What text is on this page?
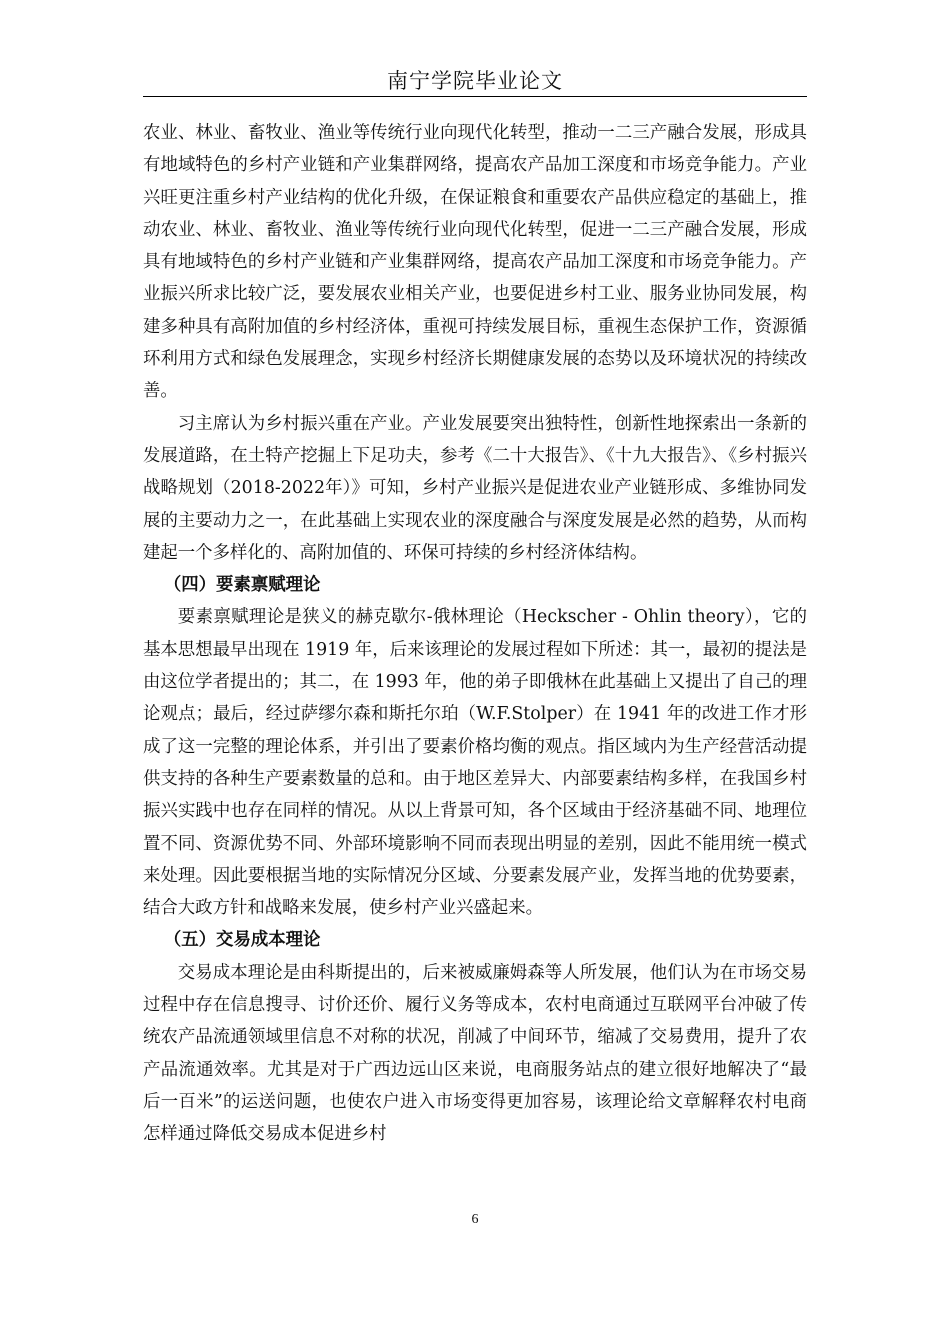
南宁学院毕业论文

农业、林业、畜牧业、渔业等传统行业向现代化转型，推动一二三产融合发展，形成具有地域特色的乡村产业链和产业集群网络，提高农产品加工深度和市场竞争能力。产业兴旺更注重乡村产业结构的优化升级，在保证粮食和重要农产品供应稳定的基础上，推动农业、林业、畜牧业、渔业等传统行业向现代化转型，促进一二三产融合发展，形成具有地域特色的乡村产业链和产业集群网络，提高农产品加工深度和市场竞争能力。产业振兴所求比较广泛，要发展农业相关产业，也要促进乡村工业、服务业协同发展，构建多种具有高附加值的乡村经济体，重视可持续发展目标，重视生态保护工作，资源循环利用方式和绿色发展理念，实现乡村经济长期健康发展的态势以及环境状况的持续改善。

习主席认为乡村振兴重在产业。产业发展要突出独特性，创新性地探索出一条新的发展道路，在土特产挖掘上下足功夫，参考《二十大报告》、《十九大报告》、《乡村振兴战略规划（2018-2022年）》可知，乡村产业振兴是促进农业产业链形成、多维协同发展的主要动力之一，在此基础上实现农业的深度融合与深度发展是必然的趋势，从而构建起一个多样化的、高附加值的、环保可持续的乡村经济体结构。

（四）要素禀赋理论

要素禀赋理论是狭义的赫克歇尔-俄林理论（Heckscher - Ohlin theory），它的基本思想最早出现在 1919 年，后来该理论的发展过程如下所述：其一，最初的提法是由这位学者提出的；其二，在 1993 年，他的弟子即俄林在此基础上又提出了自己的理论观点；最后，经过萨缪尔森和斯托尔珀（W.F.Stolper）在 1941 年的改进工作才形成了这一完整的理论体系，并引出了要素价格均衡的观点。指区域内为生产经营活动提供支持的各种生产要素数量的总和。由于地区差异大、内部要素结构多样，在我国乡村振兴实践中也存在同样的情况。从以上背景可知，各个区域由于经济基础不同、地理位置不同、资源优势不同、外部环境影响不同而表现出明显的差别，因此不能用统一模式来处理。因此要根据当地的实际情况分区域、分要素发展产业，发挥当地的优势要素，结合大政方针和战略来发展，使乡村产业兴盛起来。

（五）交易成本理论

交易成本理论是由科斯提出的，后来被威廉姆森等人所发展，他们认为在市场交易过程中存在信息搜寻、讨价还价、履行义务等成本，农村电商通过互联网平台冲破了传统农产品流通领域里信息不对称的状况，削减了中间环节，缩减了交易费用，提升了农产品流通效率。尤其是对于广西边远山区来说，电商服务站点的建立很好地解决了“最后一百米”的运送问题，也使农户进入市场变得更加容易，该理论给文章解释农村电商怎样通过降低交易成本促进乡村

6
